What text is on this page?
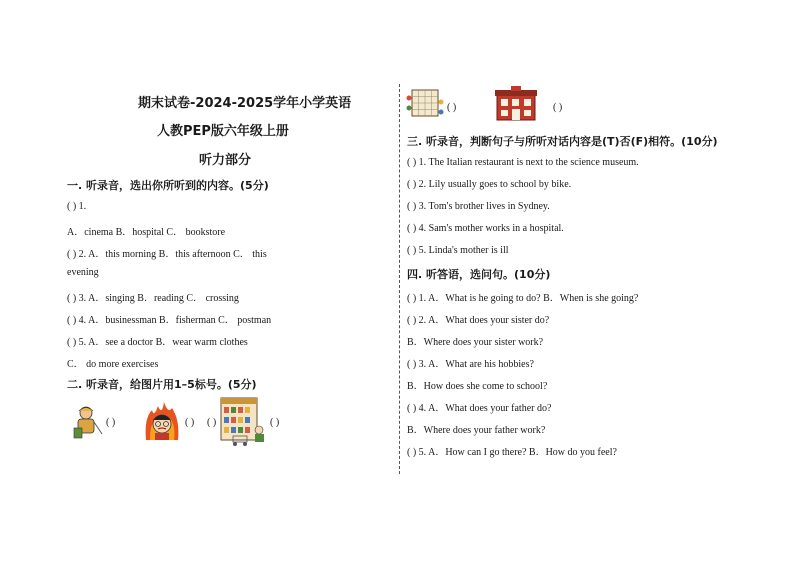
期末试卷-2024-2025学年小学英语
人教PEP版六年级上册
听力部分
一. 听录音，选出你所听到的内容。(5分)
( ) 1.
A．cinema B．hospital C． bookstore
( ) 2. A．this morning B．this afternoon C． this
evening
( ) 3. A．singing B．reading C． crossing
( ) 4. A．businessman B．fisherman C． postman
( ) 5. A．see a doctor B．wear warm clothes
C． do more exercises
二. 听录音，给图片用1–5标号。(5分)
( )	( ) ( )	( )
( )	( )
三. 听录音，判断句子与所听对话内容是(T)否(F)相符。(10分)
( ) 1. The Italian restaurant is next to the science museum.
( ) 2. Lily usually goes to school by bike.
( ) 3. Tom's brother lives in Sydney.
( ) 4. Sam's mother works in a hospital.
( ) 5. Linda's mother is ill
四. 听答语，选问句。(10分)
( ) 1. A．What is he going to do? B．When is she going?
( ) 2. A．What does your sister do?
B．Where does your sister work?
( ) 3. A．What are his hobbies?
B．How does she come to school?
( ) 4. A．What does your father do?
B．Where does your father work?
( ) 5. A．How can I go there? B．How do you feel?
